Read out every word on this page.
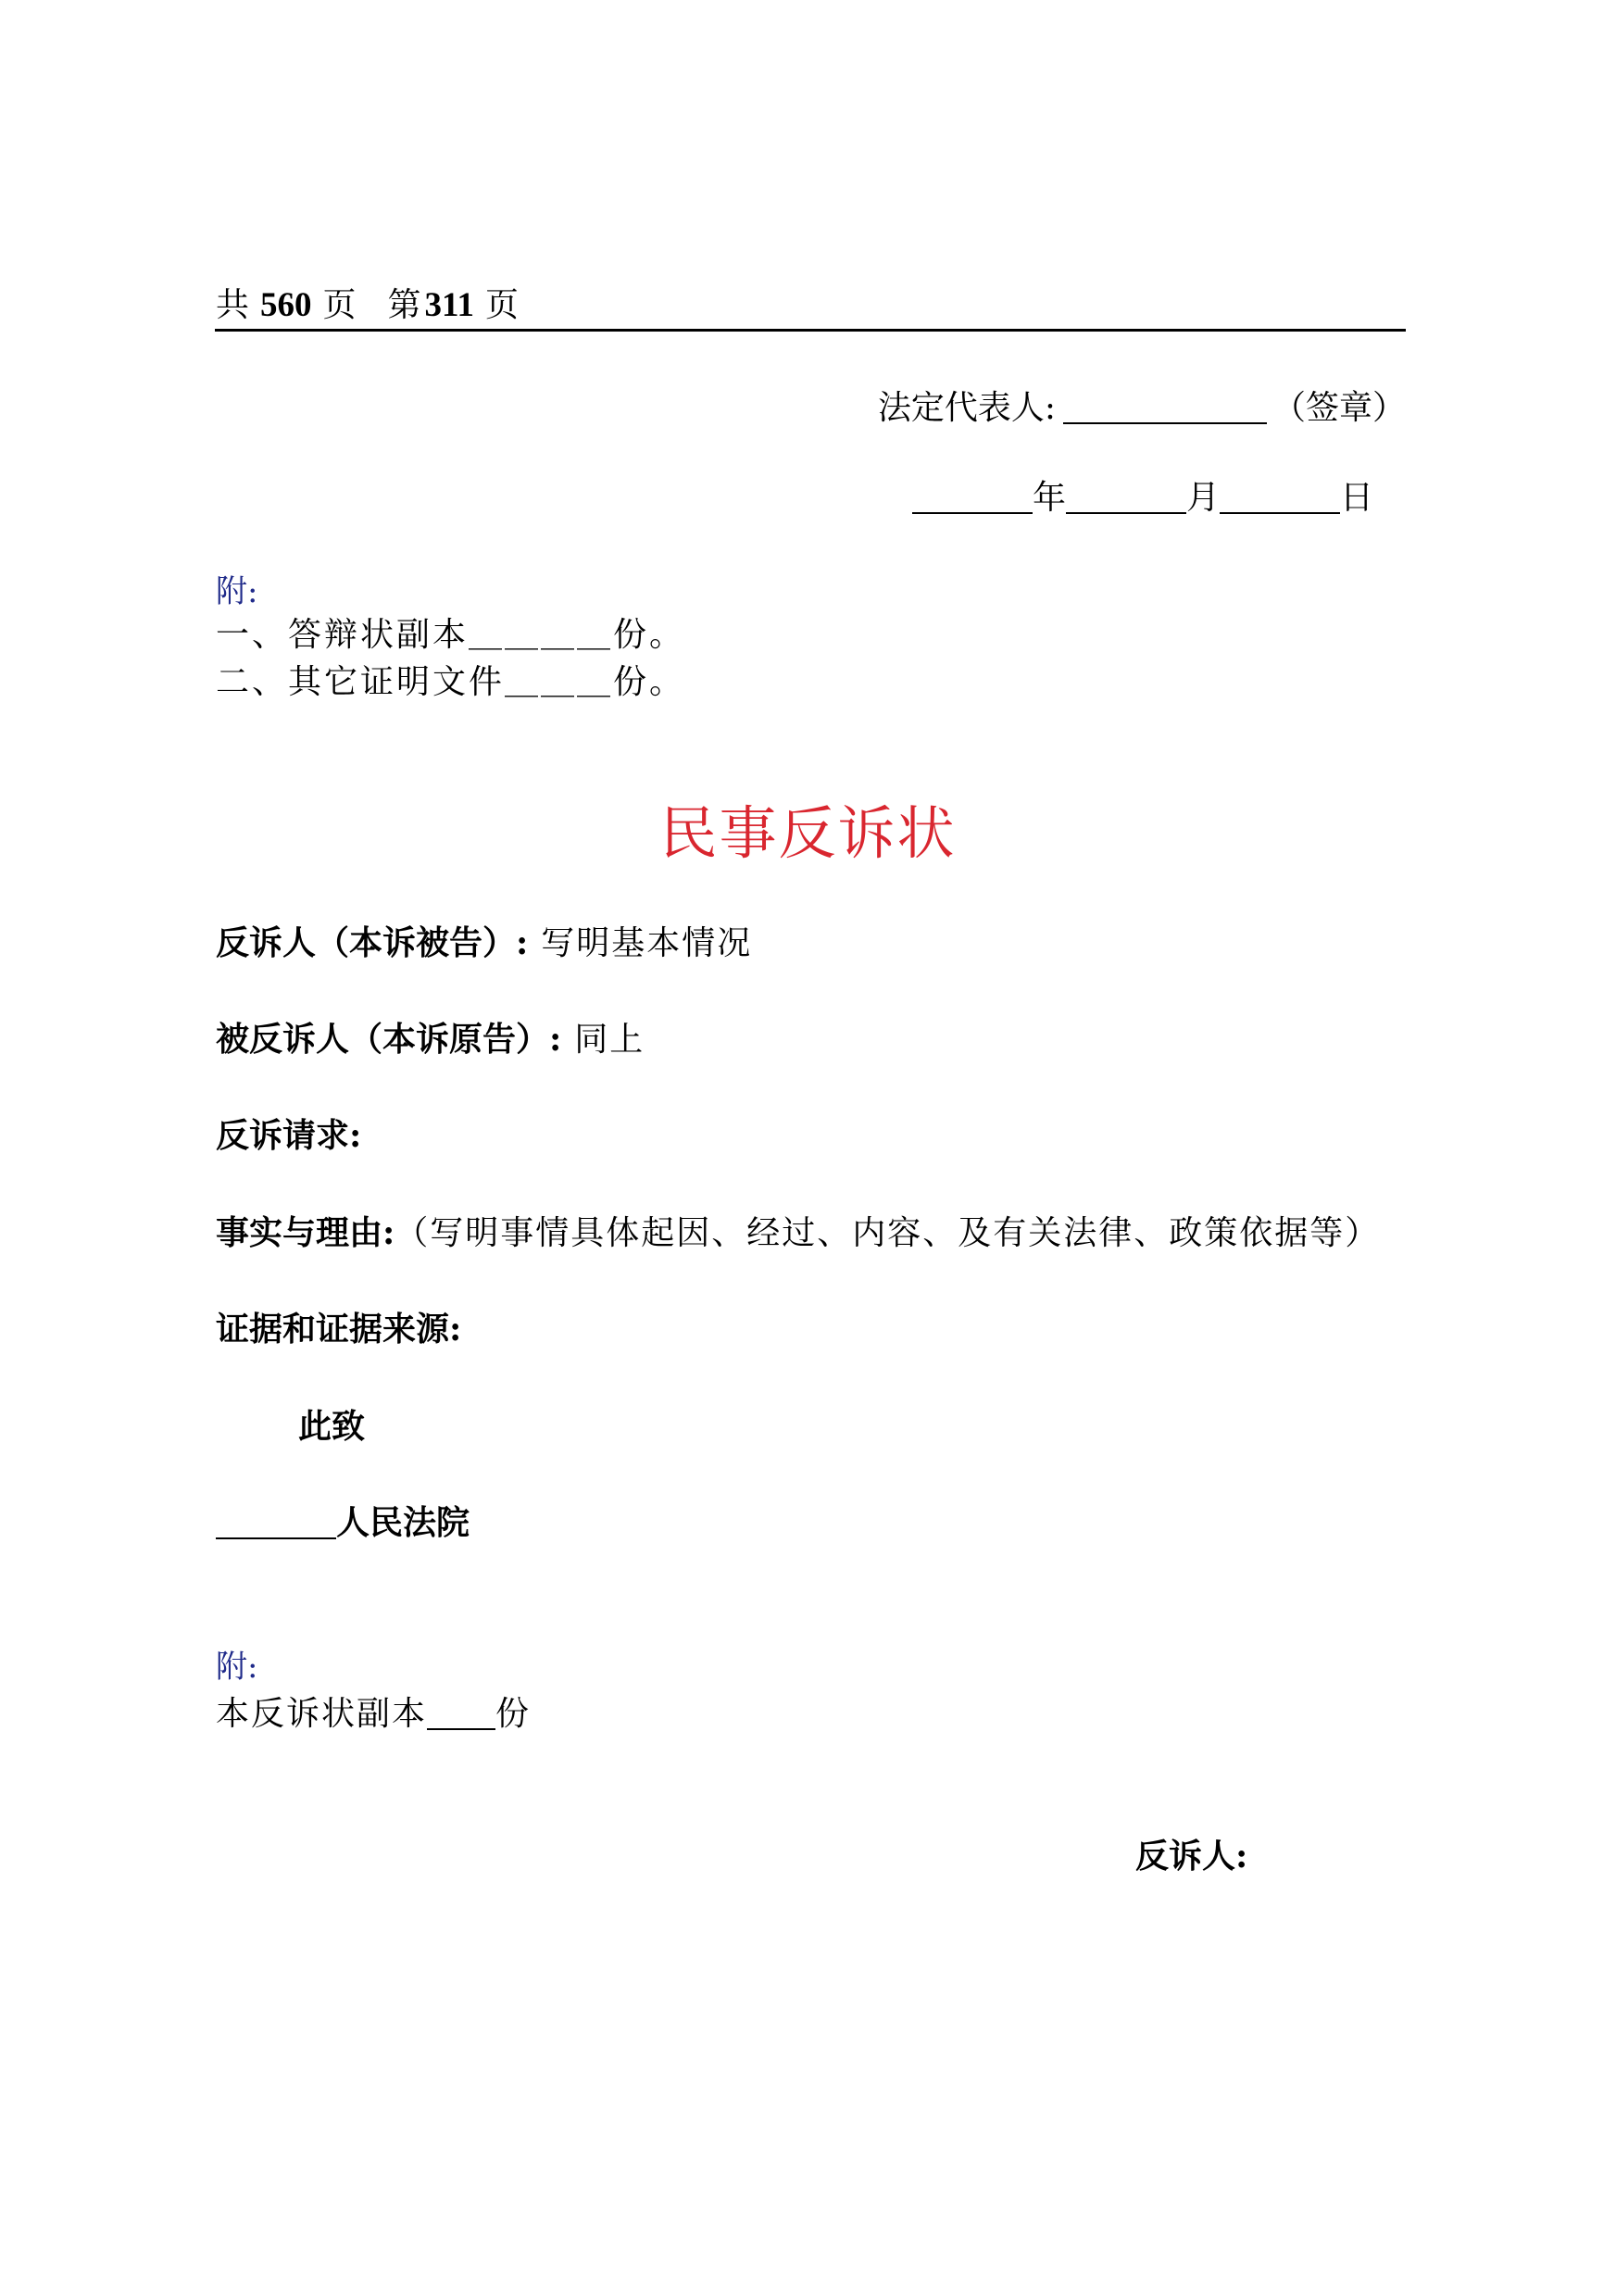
共 560 页 第 311 页
法定代表人:	（签章）
年	月	日
附:
一、答辩状副本＿＿＿＿份。
二、其它证明文件＿＿＿份。
民事反诉状
反诉人（本诉被告）: 写明基本情况
被反诉人（本诉原告）: 同上
反诉请求:
事实与理由:（写明事情具体起因、经过、内容、及有关法律、政策依据等）
证据和证据来源:
此致
人民法院
附:
本反诉状副本 份
反诉人:
